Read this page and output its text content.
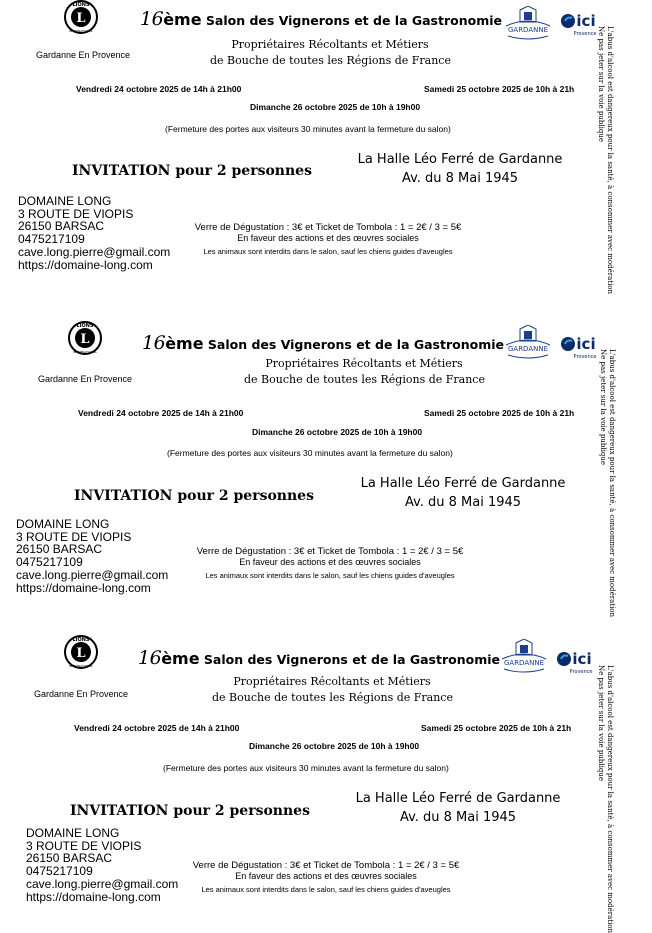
L
LIONS
INTERNATIONAL
Gardanne En Provence
16ème Salon des Vignerons et de la Gastronomie
GARDANNE ici
Provence
Propriétaires Récoltants et Métiers
de Bouche de toutes les Régions de France
Vendredi 24 octobre 2025 de 14h à 21h00	Samedi 25 octobre 2025 de 10h à 21h
Dimanche 26 octobre 2025 de 10h à 19h00
(Fermeture des portes aux visiteurs 30 minutes avant la fermeture du salon)
INVITATION pour 2 personnes
La Halle Léo Ferré de Gardanne
Av. du 8 Mai 1945
DOMAINE LONG
3 ROUTE DE VIOPIS
26150 BARSAC
0475217109
cave.long.pierre@gmail.com
https://domaine-long.com
Verre de Dégustation : 3€ et Ticket de Tombola : 1 = 2€ / 3 = 5€
En faveur des actions et des œuvres sociales
Les animaux sont interdits dans le salon, sauf les chiens guides d'aveugles	L'abus d'alcool est dangereux pour la santé, à consommer avec modération
Ne pas jeter sur la voie publique
L
LIONS
INTERNATIONAL
Gardanne En Provence
16ème Salon des Vignerons et de la Gastronomie GARDANNE ici
Provence
Propriétaires Récoltants et Métiers
de Bouche de toutes les Régions de France
Vendredi 24 octobre 2025 de 14h à 21h00	Samedi 25 octobre 2025 de 10h à 21h
Dimanche 26 octobre 2025 de 10h à 19h00
(Fermeture des portes aux visiteurs 30 minutes avant la fermeture du salon)
INVITATION pour 2 personnes
La Halle Léo Ferré de Gardanne
Av. du 8 Mai 1945
DOMAINE LONG
3 ROUTE DE VIOPIS
26150 BARSAC
0475217109
cave.long.pierre@gmail.com
https://domaine-long.com
Verre de Dégustation : 3€ et Ticket de Tombola : 1 = 2€ / 3 = 5€
En faveur des actions et des œuvres sociales
Les animaux sont interdits dans le salon, sauf les chiens guides d'aveugles	L'abus d'alcool est dangereux pour la santé, à consommer avec modération
Ne pas jeter sur la voie publique
L
LIONS
INTERNATIONAL
Gardanne En Provence
16ème Salon des Vignerons et de la Gastronomie GARDANNE ici
Provence
Propriétaires Récoltants et Métiers
de Bouche de toutes les Régions de France
Vendredi 24 octobre 2025 de 14h à 21h00	Samedi 25 octobre 2025 de 10h à 21h
Dimanche 26 octobre 2025 de 10h à 19h00
(Fermeture des portes aux visiteurs 30 minutes avant la fermeture du salon)
INVITATION pour 2 personnes
La Halle Léo Ferré de Gardanne
Av. du 8 Mai 1945
DOMAINE LONG
3 ROUTE DE VIOPIS
26150 BARSAC
0475217109
cave.long.pierre@gmail.com
https://domaine-long.com
Verre de Dégustation : 3€ et Ticket de Tombola : 1 = 2€ / 3 = 5€
En faveur des actions et des œuvres sociales
Les animaux sont interdits dans le salon, sauf les chiens guides d'aveugles	L'abus d'alcool est dangereux pour la santé, à consommer avec modération
Ne pas jeter sur la voie publique
